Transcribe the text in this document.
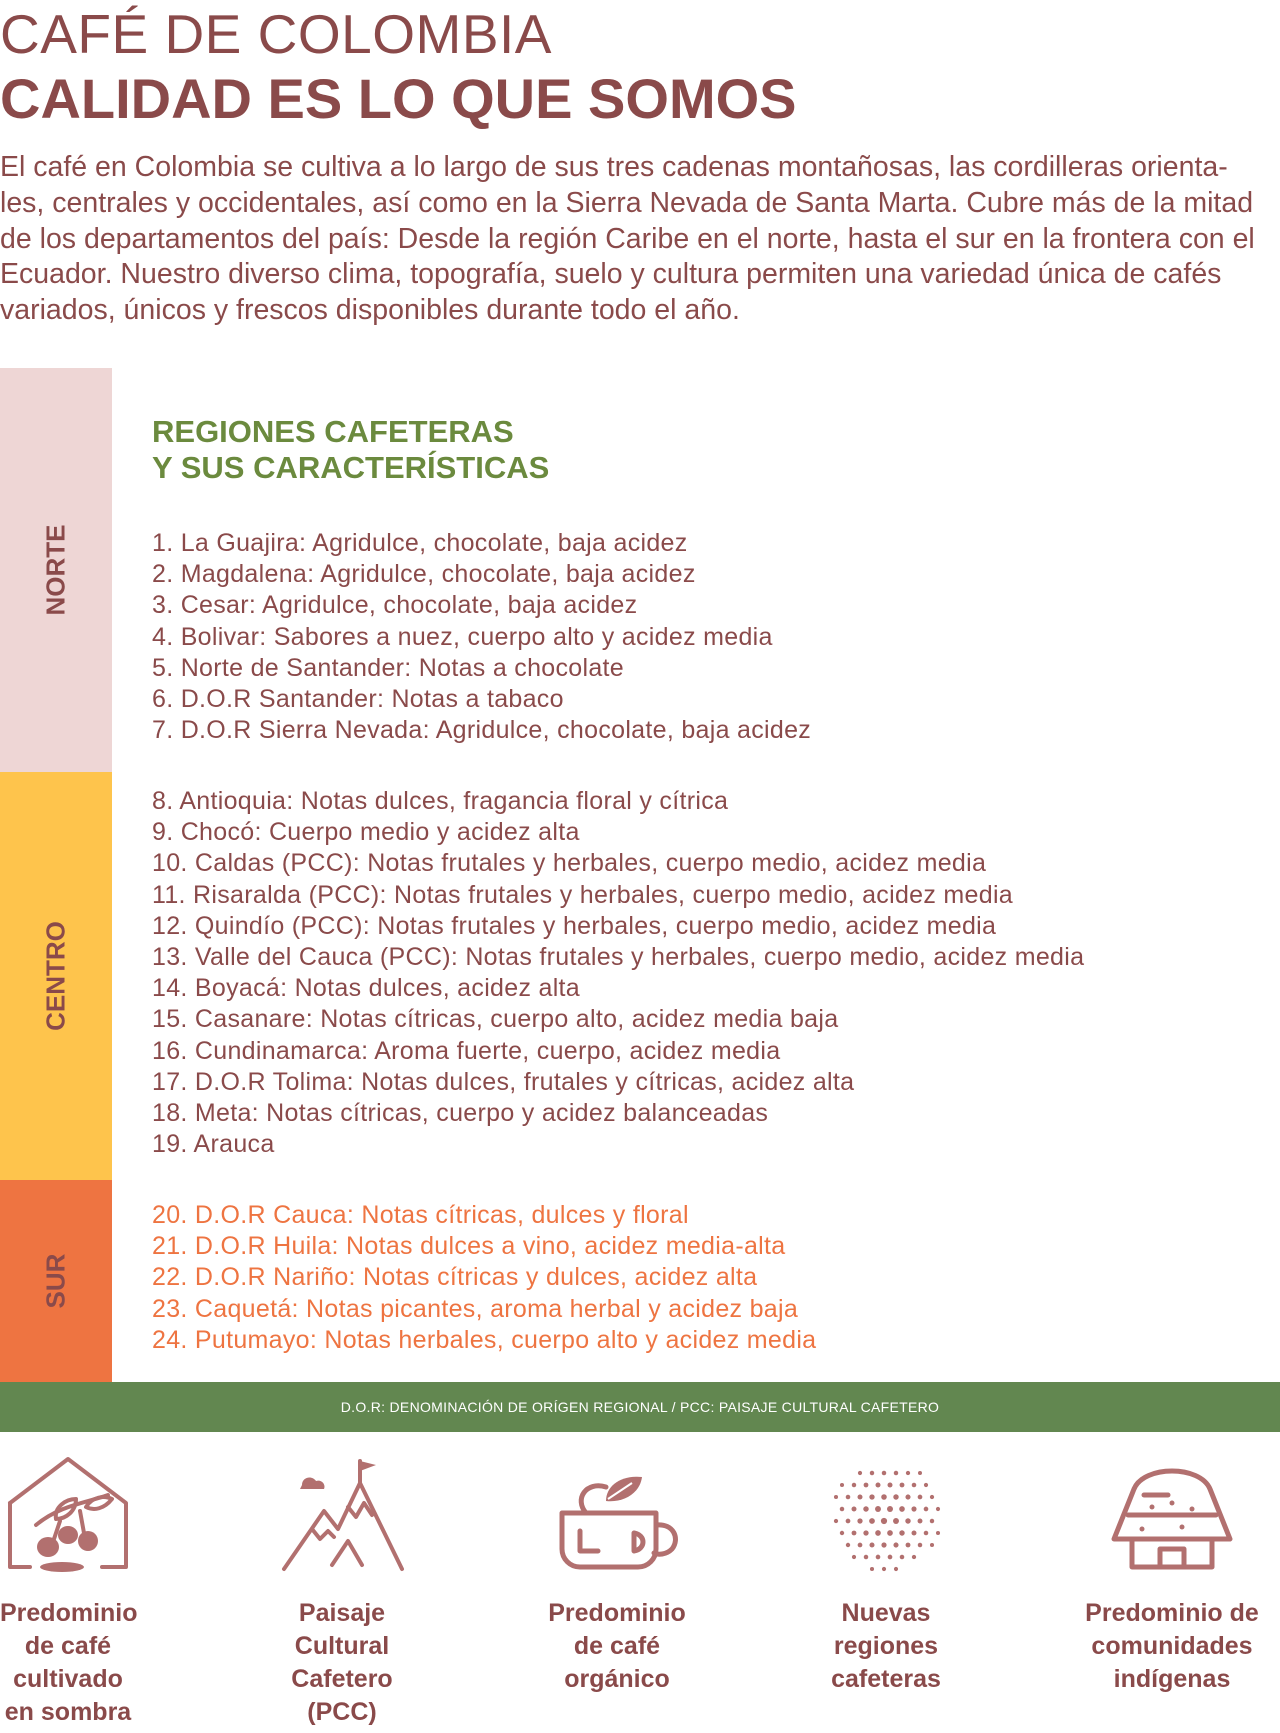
CAFÉ DE COLOMBIA
CALIDAD ES LO QUE SOMOS

El café en Colombia se cultiva a lo largo de sus tres cadenas montañosas, las cordilleras orienta-les, centrales y occidentales, así como en la Sierra Nevada de Santa Marta. Cubre más de la mitad de los departamentos del país: Desde la región Caribe en el norte, hasta el sur en la frontera con el Ecuador. Nuestro diverso clima, topografía, suelo y cultura permiten una variedad única de cafés variados, únicos y frescos disponibles durante todo el año.

NORTE
CENTRO
SUR
REGIONES CAFETERAS
Y SUS CARACTERÍSTICAS
1. La Guajira: Agridulce, chocolate, baja acidez
2. Magdalena: Agridulce, chocolate, baja acidez
3. Cesar: Agridulce, chocolate, baja acidez
4. Bolivar: Sabores a nuez, cuerpo alto y acidez media
5. Norte de Santander: Notas a chocolate
6. D.O.R Santander: Notas a tabaco
7. D.O.R Sierra Nevada: Agridulce, chocolate, baja acidez
8. Antioquia: Notas dulces, fragancia floral y cítrica
9. Chocó: Cuerpo medio y acidez alta
10. Caldas (PCC): Notas frutales y herbales, cuerpo medio, acidez media
11. Risaralda (PCC): Notas frutales y herbales, cuerpo medio, acidez media
12. Quindío (PCC): Notas frutales y herbales, cuerpo medio, acidez media
13. Valle del Cauca (PCC): Notas frutales y herbales, cuerpo medio, acidez media
14. Boyacá: Notas dulces, acidez alta
15. Casanare: Notas cítricas, cuerpo alto, acidez media baja
16. Cundinamarca: Aroma fuerte, cuerpo, acidez media
17. D.O.R Tolima: Notas dulces, frutales y cítricas, acidez alta
18. Meta: Notas cítricas, cuerpo y acidez balanceadas
19. Arauca
20. D.O.R Cauca: Notas cítricas, dulces y floral
21. D.O.R Huila: Notas dulces a vino, acidez media-alta
22. D.O.R Nariño: Notas cítricas y dulces, acidez alta
23. Caquetá: Notas picantes, aroma herbal y acidez baja
24. Putumayo: Notas herbales, cuerpo alto y acidez media
D.O.R: DENOMINACIÓN DE ORÍGEN REGIONAL / PCC: PAISAJE CULTURAL CAFETERO
Predominio
de café
cultivado
en sombra
Paisaje
Cultural
Cafetero
(PCC)
Predominio
de café
orgánico
Nuevas
regiones
cafeteras
Predominio de
comunidades
indígenas
